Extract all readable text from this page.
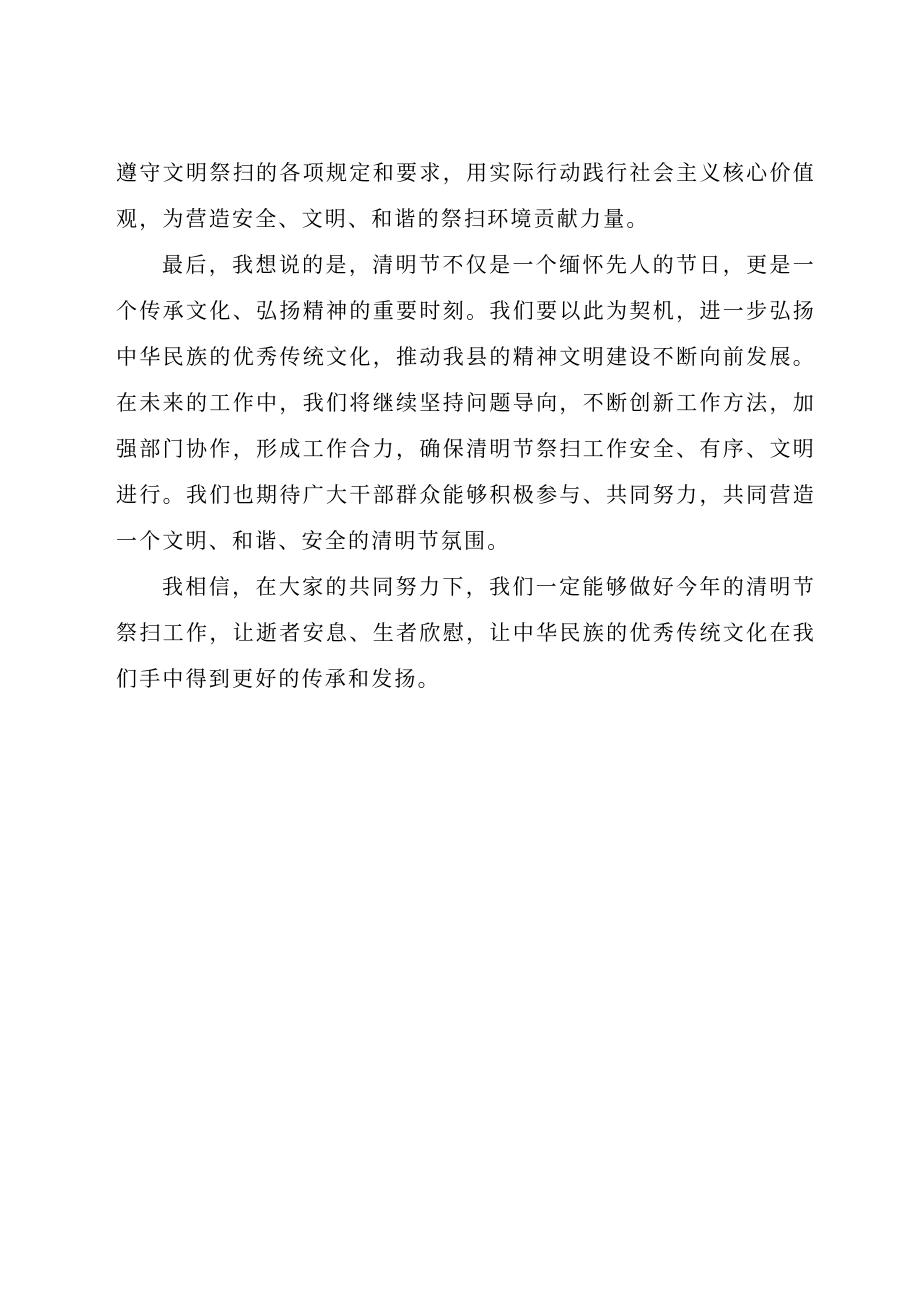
遵守文明祭扫的各项规定和要求，用实际行动践行社会主义核心价值观，为营造安全、文明、和谐的祭扫环境贡献力量。

最后，我想说的是，清明节不仅是一个缅怀先人的节日，更是一个传承文化、弘扬精神的重要时刻。我们要以此为契机，进一步弘扬中华民族的优秀传统文化，推动我县的精神文明建设不断向前发展。在未来的工作中，我们将继续坚持问题导向，不断创新工作方法，加强部门协作，形成工作合力，确保清明节祭扫工作安全、有序、文明进行。我们也期待广大干部群众能够积极参与、共同努力，共同营造一个文明、和谐、安全的清明节氛围。

我相信，在大家的共同努力下，我们一定能够做好今年的清明节祭扫工作，让逝者安息、生者欣慰，让中华民族的优秀传统文化在我们手中得到更好的传承和发扬。
